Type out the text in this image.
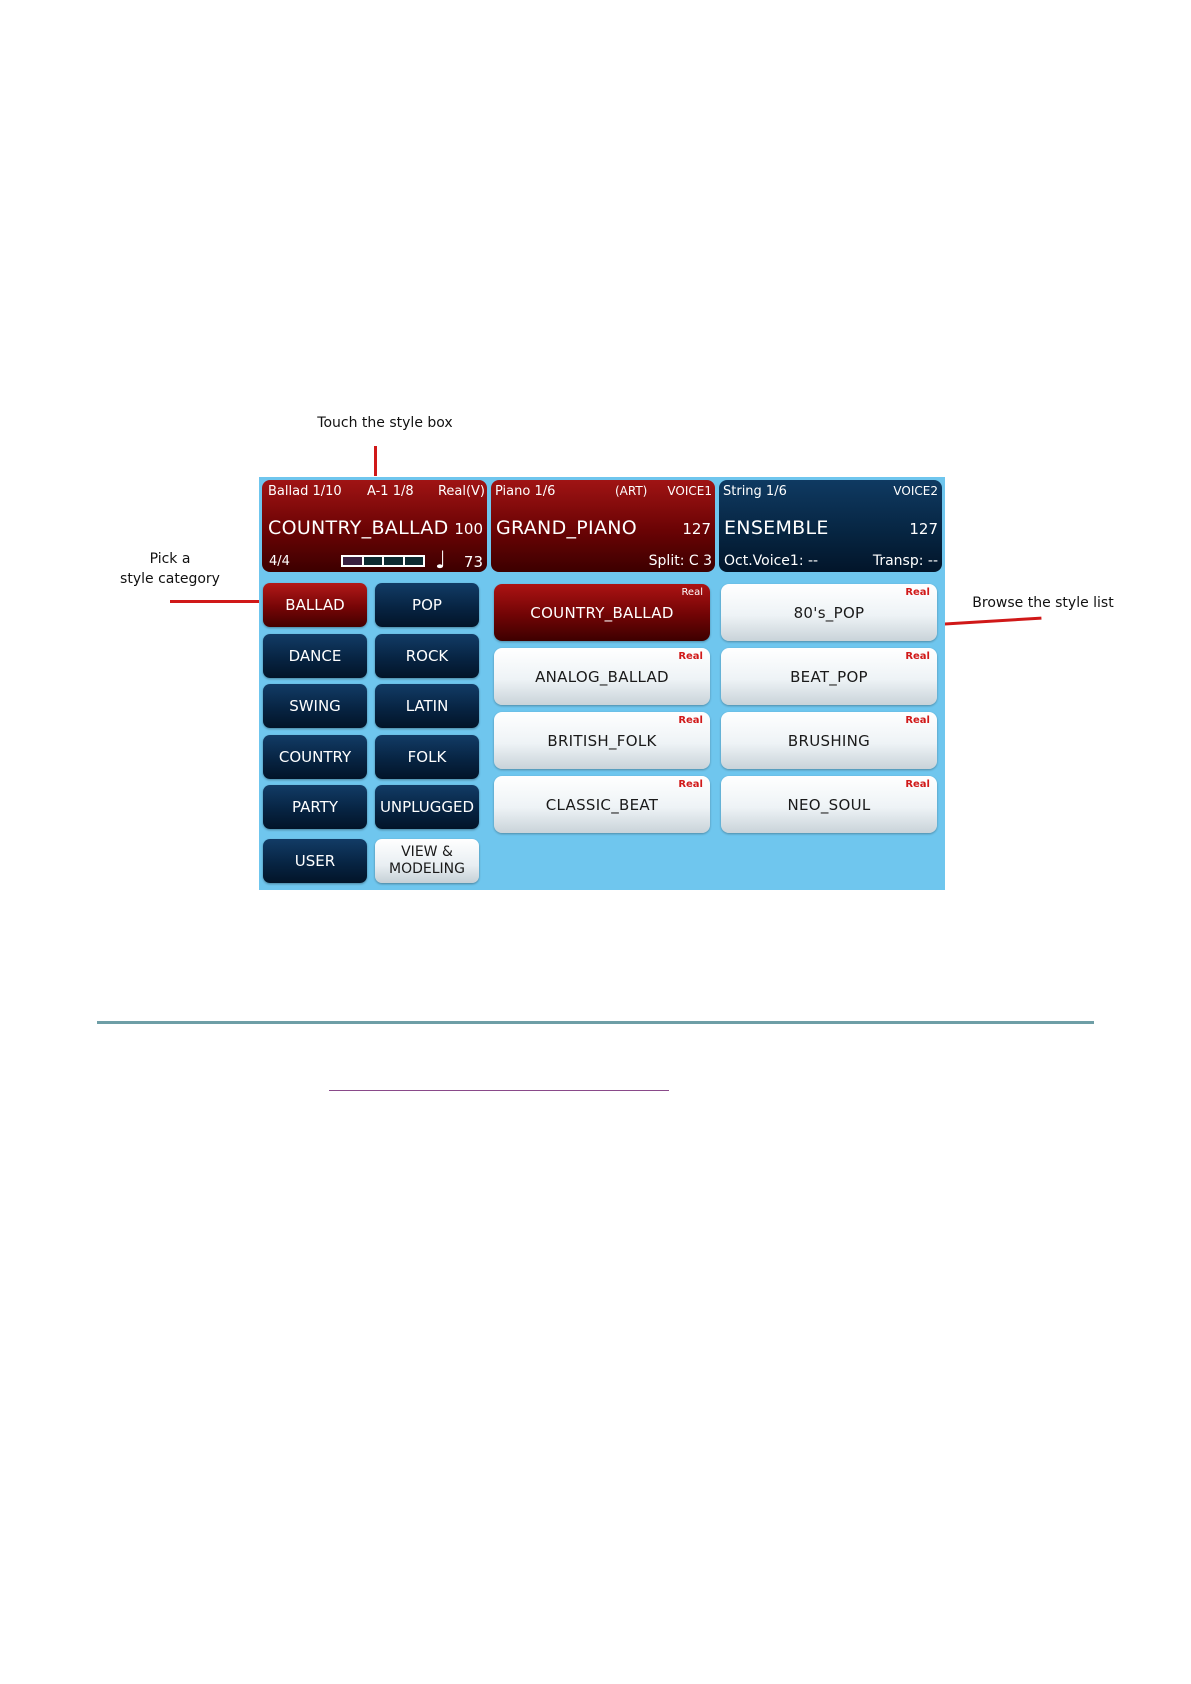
Touch the style box
Pick a
style category
Browse the style list
Ballad 1/10 A-1 1/8 Real(V)
COUNTRY_BALLAD 100
4/4	♩ 73
Piano 1/6	(ART) VOICE1
GRAND_PIANO	127
Split: C 3
String 1/6	VOICE2
ENSEMBLE	127
Oct.Voice1: --	Transp: --
BALLAD	POP
DANCE	ROCK
SWING	LATIN
COUNTRY	FOLK
PARTY	UNPLUGGED
USER	VIEW &
MODELING
Real
COUNTRY_BALLAD
Real
80's_POP
Real
ANALOG_BALLAD
Real
BEAT_POP
Real
BRITISH_FOLK
Real
BRUSHING
Real
CLASSIC_BEAT
Real
NEO_SOUL
